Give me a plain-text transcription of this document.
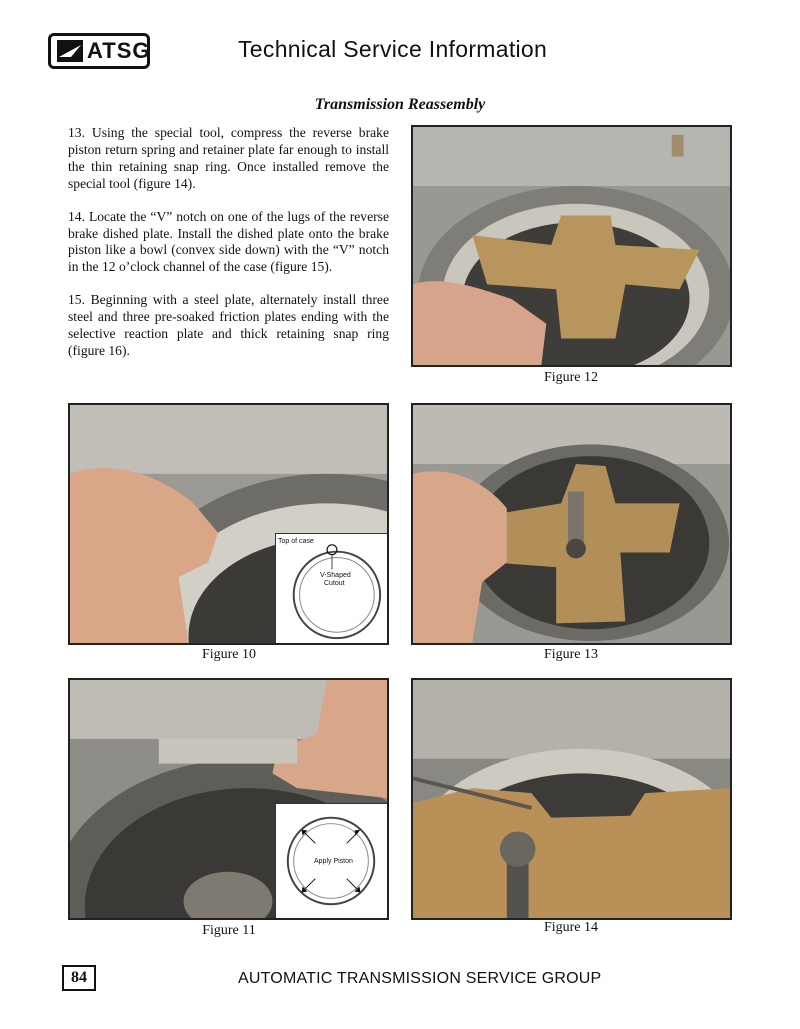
ATSG	Technical Service Information
Transmission Reassembly

13. Using the special tool, compress the reverse brake piston return spring and retainer plate far enough to install the thin retaining snap ring. Once installed remove the special tool (figure 14).

14. Locate the “V” notch on one of the lugs of the reverse brake dished plate. Install the dished plate onto the brake piston like a bowl (convex side down) with the “V” notch in the 12 o’clock channel of the case (figure 15).

15. Beginning with a steel plate, alternately install three steel and three pre-soaked friction plates ending with the selective reaction plate and thick retaining snap ring (figure 16).

Figure 12
Top of case
V-Shaped
Cutout
Figure 10	Figure 13
Apply Piston
Figure 11	Figure 14
84	AUTOMATIC TRANSMISSION SERVICE GROUP
